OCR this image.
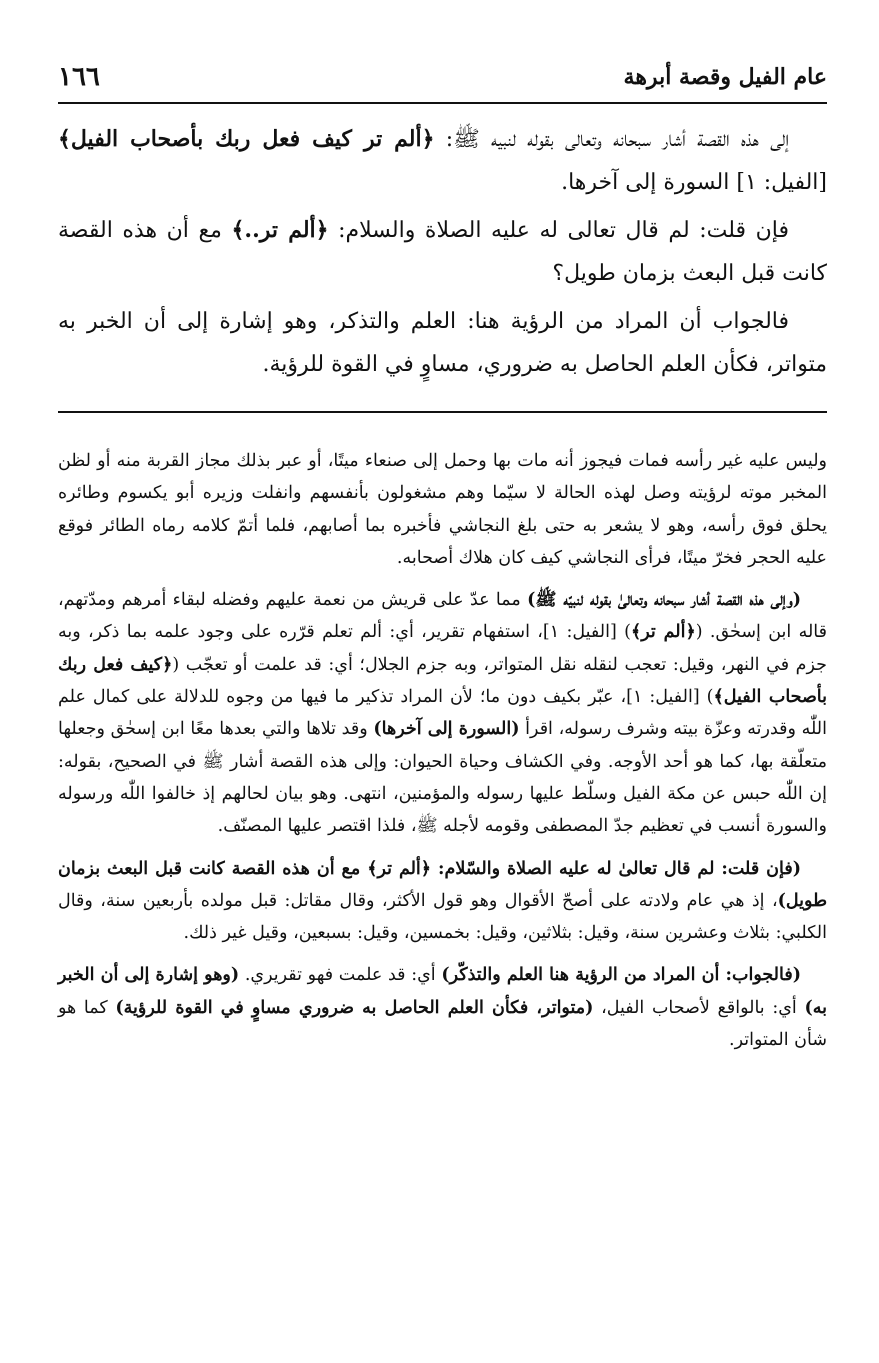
عام الفيل وقصة أبرهة
١٦٦

إلى هذه القصة أشار سبحانه وتعالى بقوله لنبيه ﷺ: ﴿ألم تر كيف فعل ربك بأصحاب الفيل﴾ [الفيل: ١] السورة إلى آخرها.

فإن قلت: لم قال تعالى له عليه الصلاة والسلام: ﴿ألم تر..﴾ مع أن هذه القصة كانت قبل البعث بزمان طويل؟

فالجواب أن المراد من الرؤية هنا: العلم والتذكر، وهو إشارة إلى أن الخبر به متواتر، فكأن العلم الحاصل به ضروري، مساوٍ في القوة للرؤية.

وليس عليه غير رأسه فمات فيجوز أنه مات بها وحمل إلى صنعاء ميتًا، أو عبر بذلك مجاز القربة منه أو لظن المخبر موته لرؤيته وصل لهذه الحالة لا سيّما وهم مشغولون بأنفسهم وانفلت وزيره أبو يكسوم وطائره يحلق فوق رأسه، وهو لا يشعر به حتى بلغ النجاشي فأخبره بما أصابهم، فلما أتمّ كلامه رماه الطائر فوقع عليه الحجر فخرّ ميتًا، فرأى النجاشي كيف كان هلاك أصحابه.

(وإلى هذه القصة أشار سبحانه وتعالىٰ بقوله لنبيّه ﷺ) مما عدّ على قريش من نعمة عليهم وفضله لبقاء أمرهم ومدّتهم، قاله ابن إسحٰق. (﴿ألم تر﴾) [الفيل: ١]، استفهام تقرير، أي: ألم تعلم قرّره على وجود علمه بما ذكر، وبه جزم في النهر، وقيل: تعجب لنقله نقل المتواتر، وبه جزم الجلال؛ أي: قد علمت أو تعجّب (﴿كيف فعل ربك بأصحاب الفيل﴾) [الفيل: ١]، عبّر بكيف دون ما؛ لأن المراد تذكير ما فيها من وجوه للدلالة على كمال علم اللّٰه وقدرته وعزّة بيته وشرف رسوله، اقرأ (السورة إلى آخرها) وقد تلاها والتي بعدها معًا ابن إسحٰق وجعلها متعلّقة بها، كما هو أحد الأوجه. وفي الكشاف وحياة الحيوان: وإلى هذه القصة أشار ﷺ في الصحيح، بقوله: إن اللّٰه حبس عن مكة الفيل وسلّط عليها رسوله والمؤمنين، انتهى. وهو بيان لحالهم إذ خالفوا اللّٰه ورسوله والسورة أنسب في تعظيم جدّ المصطفى وقومه لأجله ﷺ، فلذا اقتصر عليها المصنّف.

(فإن قلت: لم قال تعالىٰ له عليه الصلاة والسّلام: ﴿ألم تر﴾ مع أن هذه القصة كانت قبل البعث بزمان طويل)، إذ هي عام ولادته على أصحّ الأقوال وهو قول الأكثر، وقال مقاتل: قبل مولده بأربعين سنة، وقال الكلبي: بثلاث وعشرين سنة، وقيل: بثلاثين، وقيل: بخمسين، وقيل: بسبعين، وقيل غير ذلك.

(فالجواب: أن المراد من الرؤية هنا العلم والتذكّر) أي: قد علمت فهو تقريري. (وهو إشارة إلى أن الخبر به) أي: بالواقع لأصحاب الفيل، (متواتر، فكأن العلم الحاصل به ضروري مساوٍ في القوة للرؤية) كما هو شأن المتواتر.
